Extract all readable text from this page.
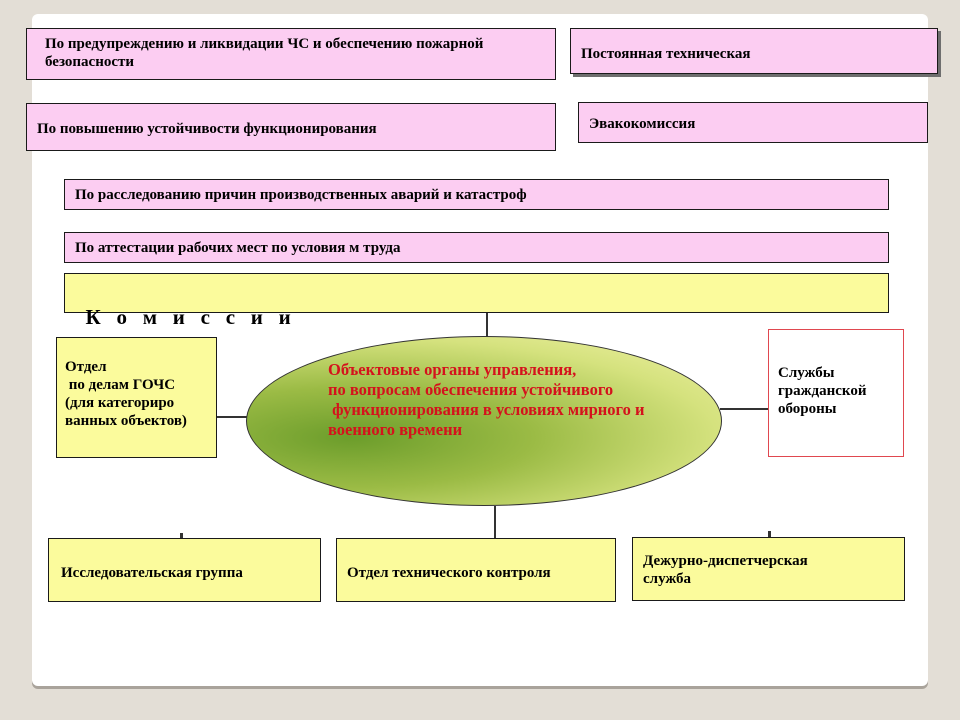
По предупреждению и ликвидации ЧС и обеспечению пожарной безопасности	Постоянная техническая
По повышению устойчивости функционирования	Эвакокомиссия
По расследованию причин производственных аварий и катастроф
По аттестации рабочих мест по условия м труда

К   о   м   и   с   с   и   и

Отдел
по делам ГОЧС
(для категориро
ванных объектов)
Объектовые органы управления,
по вопросам обеспечения устойчивого
функционирования в условиях мирного и
военного времени
Службы
гражданской
обороны
Исследовательская группа	Отдел технического контроля
Дежурно-диспетчерская
служба
